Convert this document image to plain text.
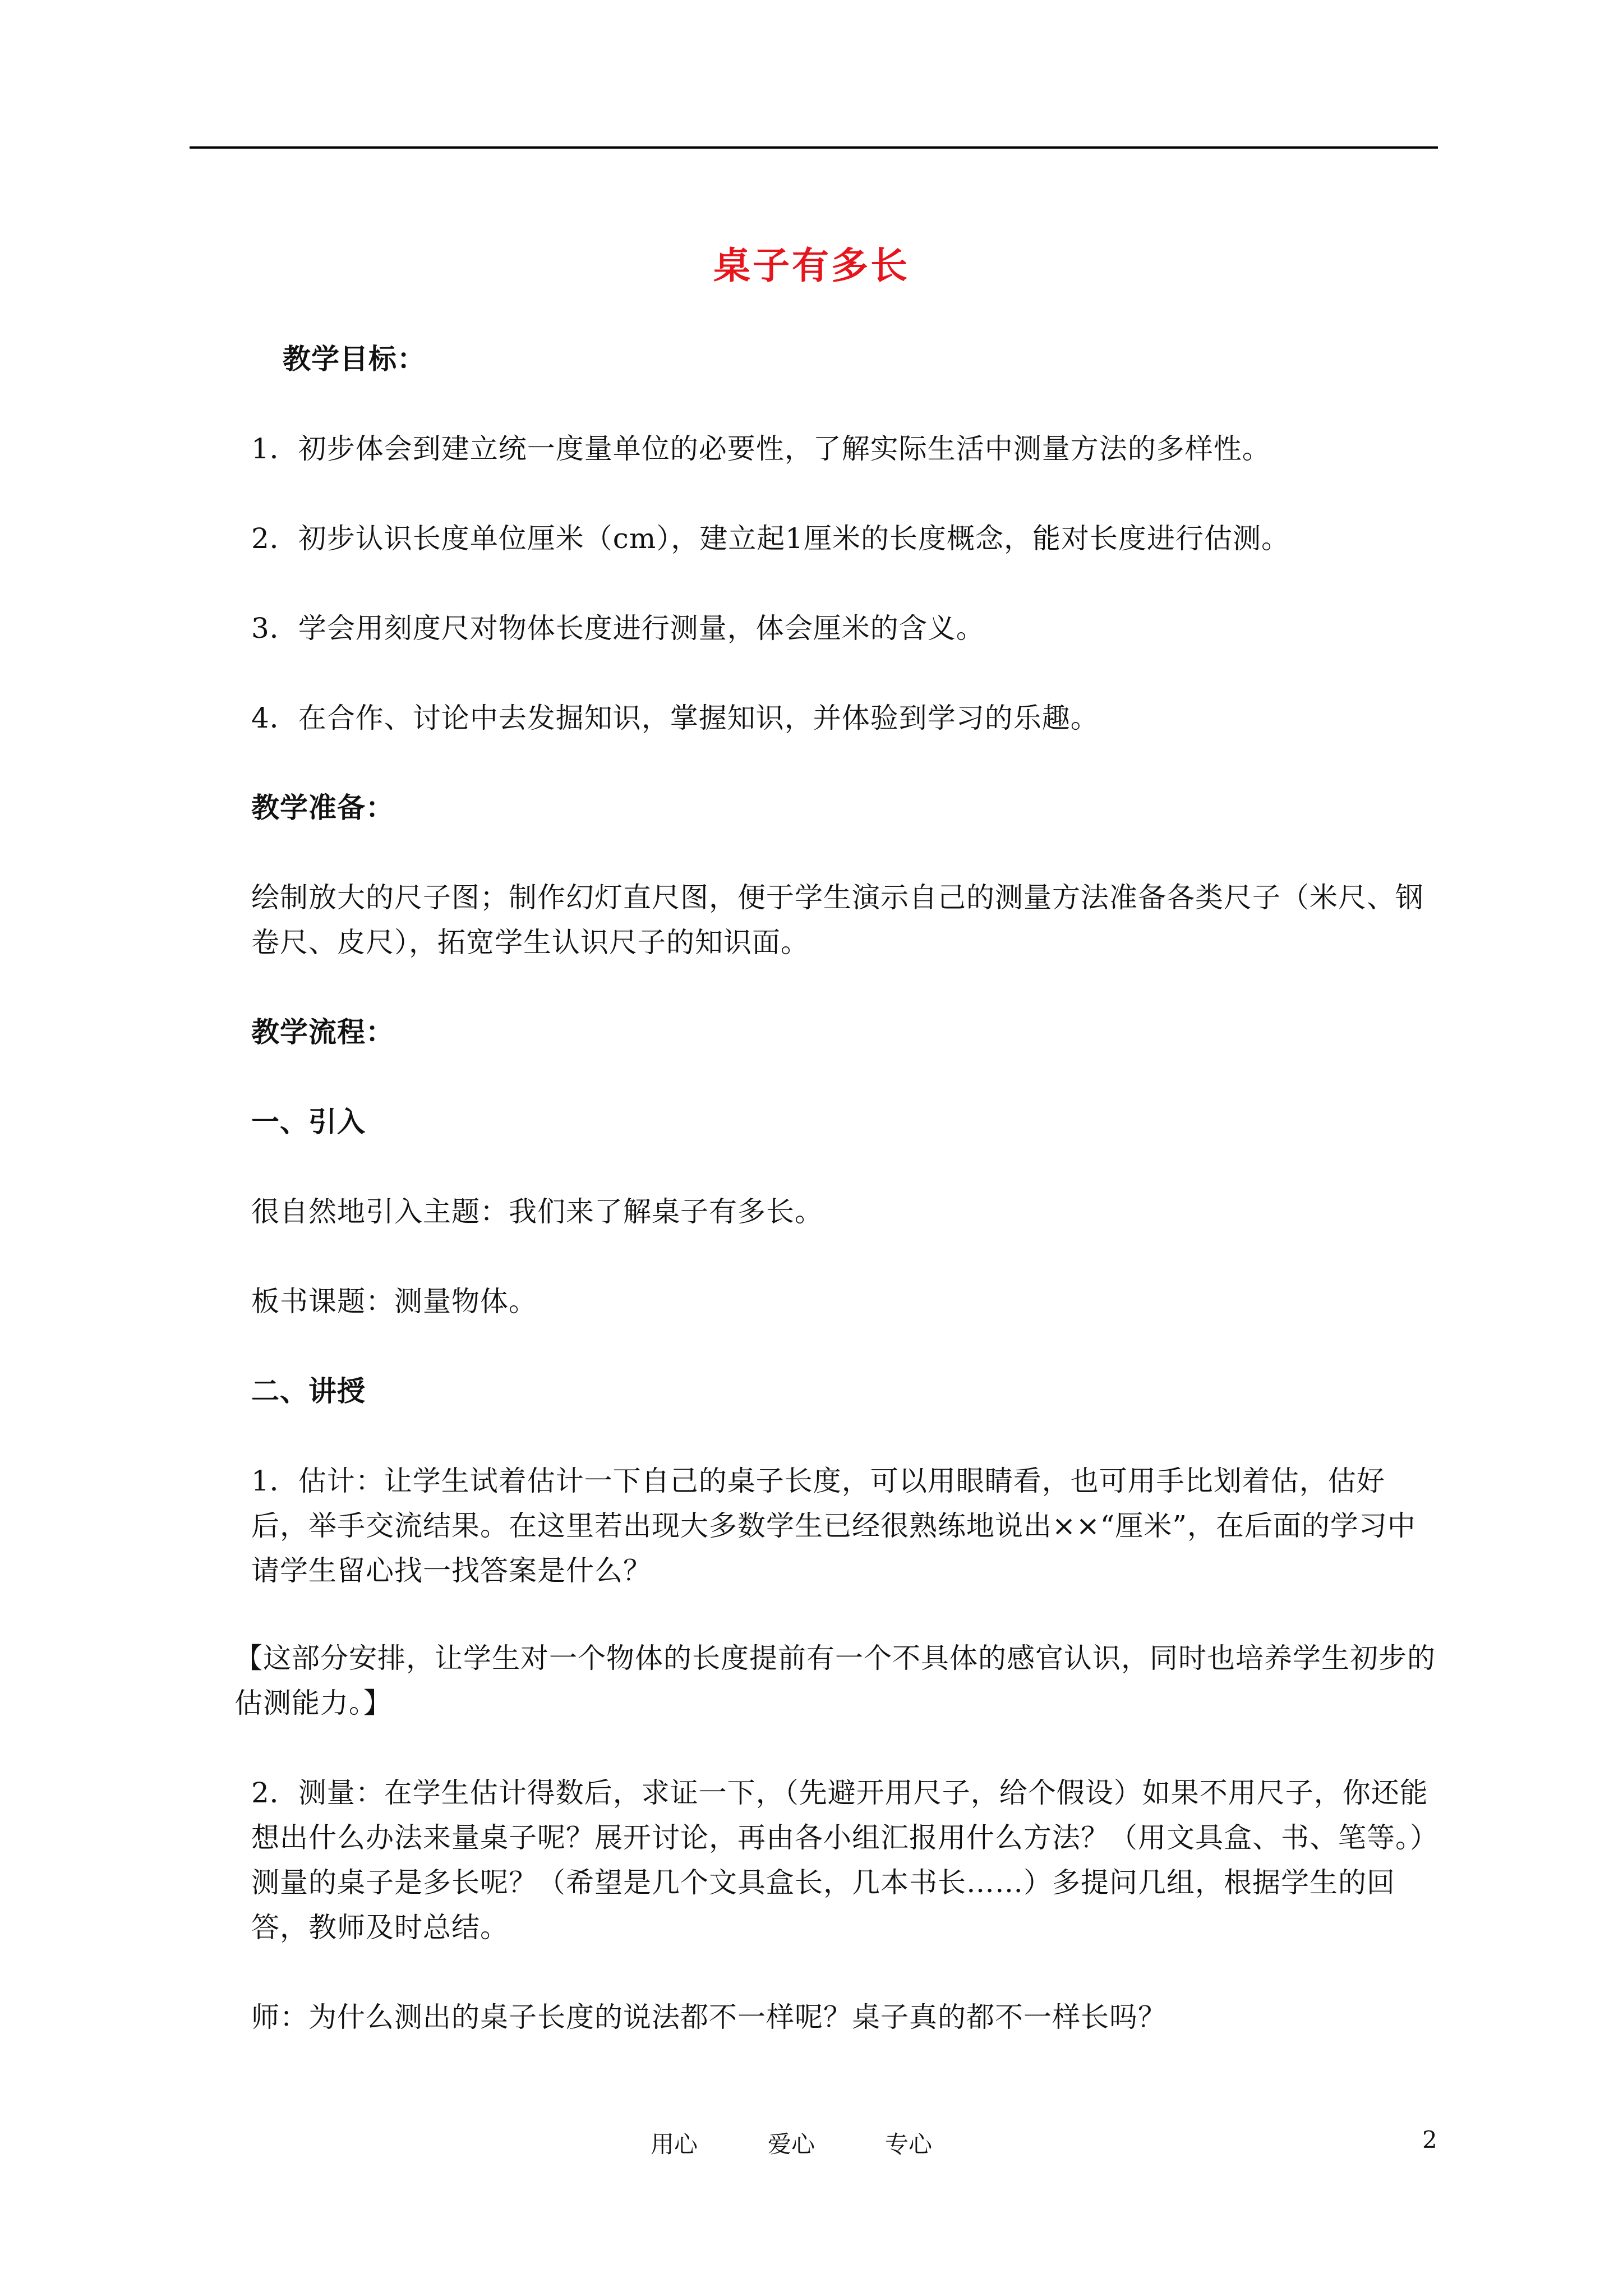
桌子有多长

教学目标：

1．初步体会到建立统一度量单位的必要性，了解实际生活中测量方法的多样性。

2．初步认识长度单位厘米（cm），建立起1厘米的长度概念，能对长度进行估测。

3．学会用刻度尺对物体长度进行测量，体会厘米的含义。

4．在合作、讨论中去发掘知识，掌握知识，并体验到学习的乐趣。

教学准备：

绘制放大的尺子图；制作幻灯直尺图，便于学生演示自己的测量方法准备各类尺子（米尺、钢卷尺、皮尺），拓宽学生认识尺子的知识面。

教学流程：

一、引入

很自然地引入主题：我们来了解桌子有多长。

板书课题：测量物体。

二、讲授

1．估计：让学生试着估计一下自己的桌子长度，可以用眼睛看，也可用手比划着估，估好后，举手交流结果。在这里若出现大多数学生已经很熟练地说出××“厘米”，在后面的学习中请学生留心找一找答案是什么？

【这部分安排，让学生对一个物体的长度提前有一个不具体的感官认识，同时也培养学生初步的估测能力。】

2．测量：在学生估计得数后，求证一下，（先避开用尺子，给个假设）如果不用尺子，你还能想出什么办法来量桌子呢？展开讨论，再由各小组汇报用什么方法？（用文具盒、书、笔等。）测量的桌子是多长呢？（希望是几个文具盒长，几本书长……）多提问几组，根据学生的回答，教师及时总结。

师：为什么测出的桌子长度的说法都不一样呢？桌子真的都不一样长吗？

用心	爱心	专心	2
